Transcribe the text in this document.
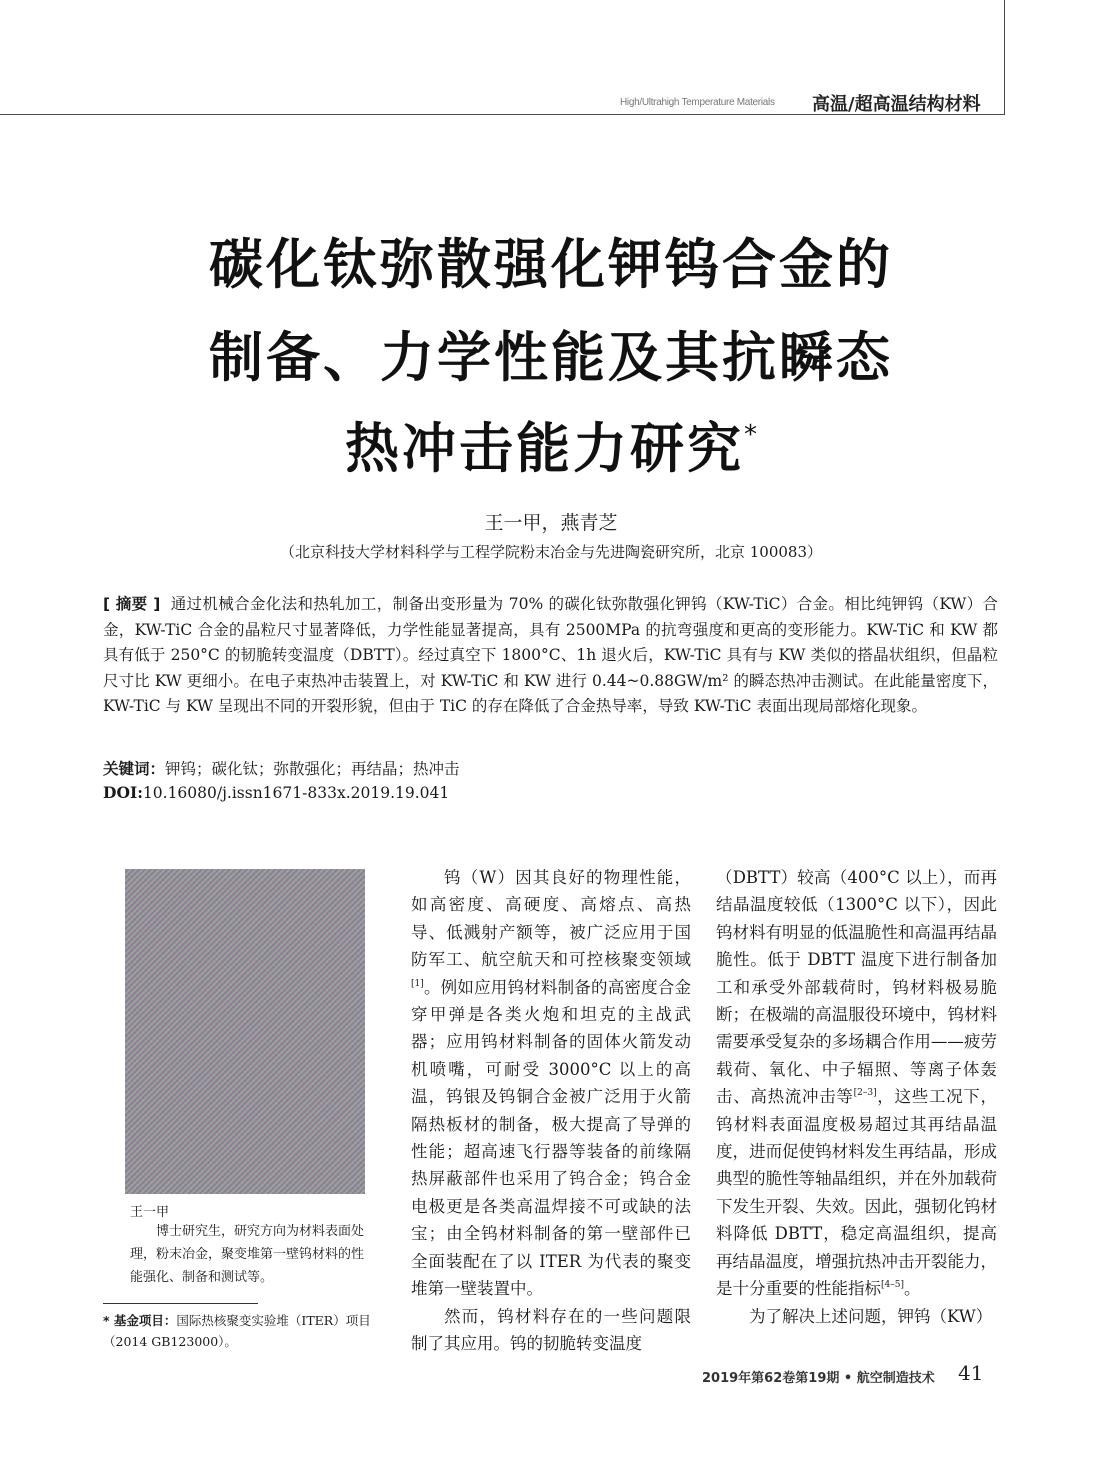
High/Ultrahigh Temperature Materials 高温/超高温结构材料
碳化钛弥散强化钾钨合金的
制备、力学性能及其抗瞬态
热冲击能力研究*
王一甲，燕青芝
（北京科技大学材料科学与工程学院粉末冶金与先进陶瓷研究所，北京 100083）
[ 摘要 ] 通过机械合金化法和热轧加工，制备出变形量为 70% 的碳化钛弥散强化钾钨（KW-TiC）合金。相比纯钾钨（KW）合金，KW-TiC 合金的晶粒尺寸显著降低，力学性能显著提高，具有 2500MPa 的抗弯强度和更高的变形能力。KW-TiC 和 KW 都具有低于 250°C 的韧脆转变温度（DBTT）。经过真空下 1800°C、1h 退火后，KW-TiC 具有与 KW 类似的搭晶状组织，但晶粒尺寸比 KW 更细小。在电子束热冲击装置上，对 KW-TiC 和 KW 进行 0.44~0.88GW/m² 的瞬态热冲击测试。在此能量密度下，KW-TiC 与 KW 呈现出不同的开裂形貌，但由于 TiC 的存在降低了合金热导率，导致 KW-TiC 表面出现局部熔化现象。
关键词：钾钨；碳化钛；弥散强化；再结晶；热冲击
DOI:10.16080/j.issn1671-833x.2019.19.041
王一甲
博士研究生，研究方向为材料表面处理，粉末冶金，聚变堆第一壁钨材料的性能强化、制备和测试等。
* 基金项目：国际热核聚变实验堆（ITER）项目（2014 GB123000）。

钨（W）因其良好的物理性能，如高密度、高硬度、高熔点、高热导、低溅射产额等，被广泛应用于国防军工、航空航天和可控核聚变领域[1]。例如应用钨材料制备的高密度合金穿甲弹是各类火炮和坦克的主战武器；应用钨材料制备的固体火箭发动机喷嘴，可耐受 3000°C 以上的高温，钨银及钨铜合金被广泛用于火箭隔热板材的制备，极大提高了导弹的性能；超高速飞行器等装备的前缘隔热屏蔽部件也采用了钨合金；钨合金电极更是各类高温焊接不可或缺的法宝；由全钨材料制备的第一壁部件已全面装配在了以 ITER 为代表的聚变堆第一壁装置中。

然而，钨材料存在的一些问题限制了其应用。钨的韧脆转变温度

（DBTT）较高（400°C 以上），而再结晶温度较低（1300°C 以下），因此钨材料有明显的低温脆性和高温再结晶脆性。低于 DBTT 温度下进行制备加工和承受外部载荷时，钨材料极易脆断；在极端的高温服役环境中，钨材料需要承受复杂的多场耦合作用——疲劳载荷、氧化、中子辐照、等离子体轰击、高热流冲击等[2–3]，这些工况下，钨材料表面温度极易超过其再结晶温度，进而促使钨材料发生再结晶，形成典型的脆性等轴晶组织，并在外加载荷下发生开裂、失效。因此，强韧化钨材料降低 DBTT，稳定高温组织，提高再结晶温度，增强抗热冲击开裂能力，是十分重要的性能指标[4–5]。

为了解决上述问题，钾钨（KW）

2019年第62卷第19期 • 航空制造技术 41
